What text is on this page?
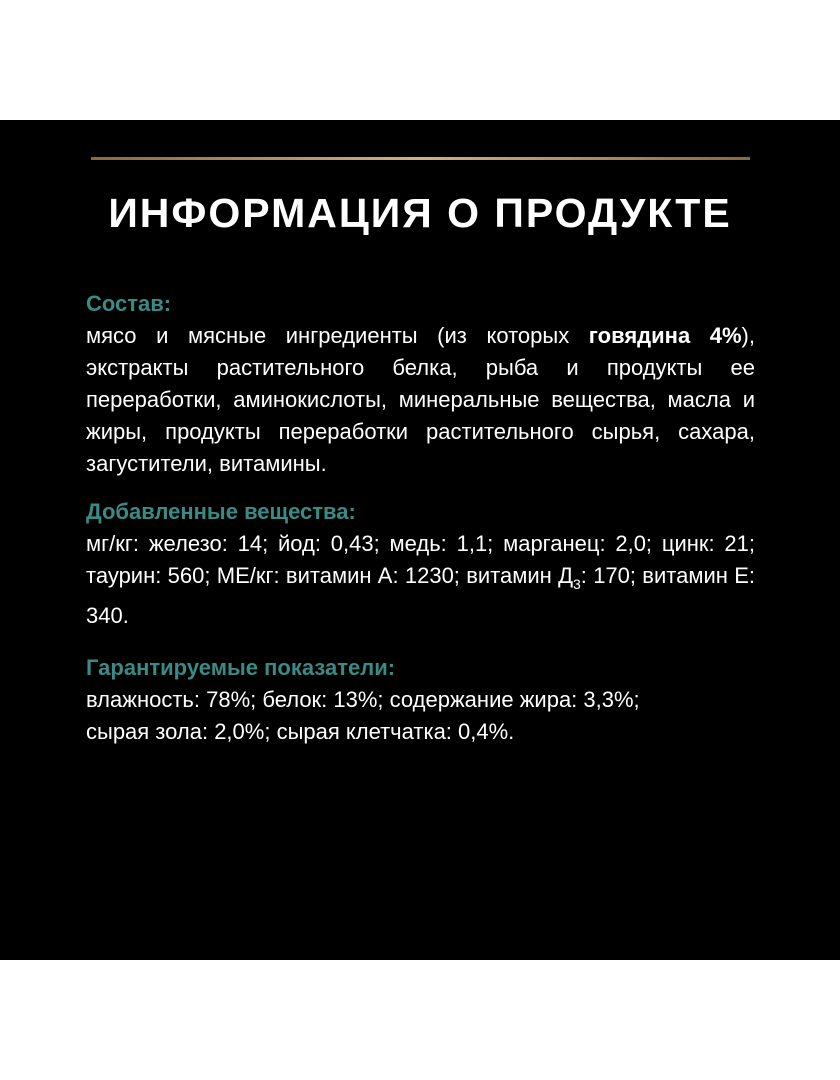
ИНФОРМАЦИЯ О ПРОДУКТЕ

Состав:

мясо и мясные ингредиенты (из которых говядина 4%), экстракты растительного белка, рыба и продукты ее переработки, аминокислоты, минеральные вещества, масла и жиры, продукты переработки растительного сырья, сахара, загустители, витамины.

Добавленные вещества:

мг/кг: железо: 14; йод: 0,43; медь: 1,1; марганец: 2,0; цинк: 21; таурин: 560; МЕ/кг: витамин А: 1230; витамин $Д_3$: 170; витамин Е: 340.

Гарантируемые показатели:

влажность: 78%; белок: 13%; содержание жира: 3,3%;

сырая зола: 2,0%; сырая клетчатка: 0,4%.
